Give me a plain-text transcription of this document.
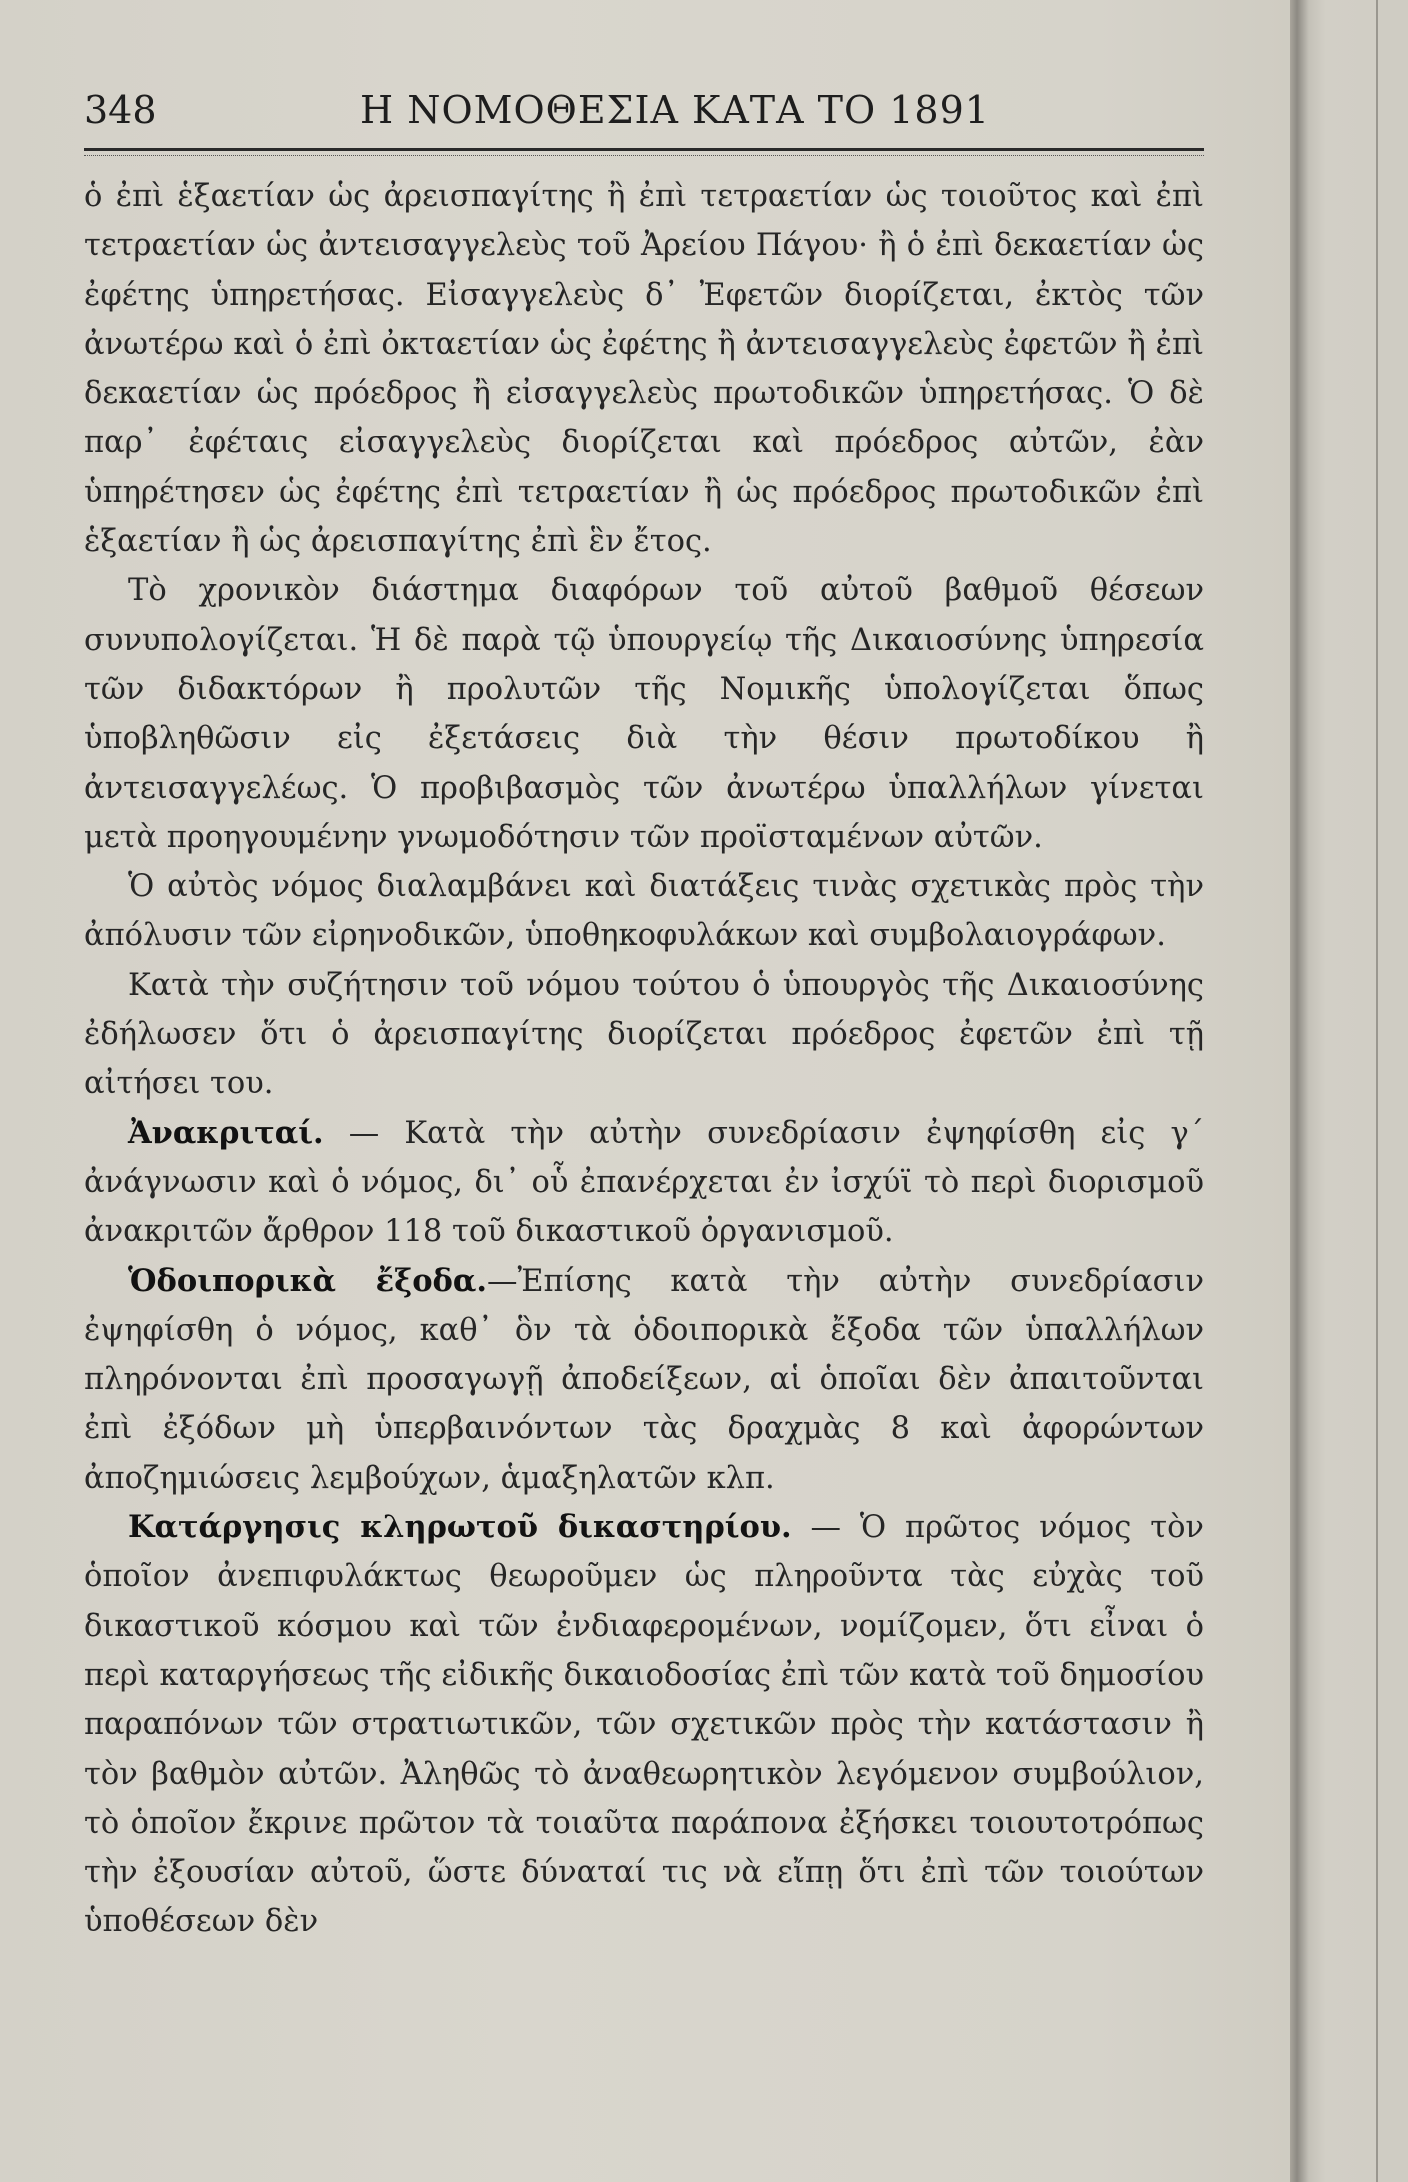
348	Η ΝΟΜΟΘΕΣΙΑ ΚΑΤΑ ΤΟ 1891

ὁ ἐπὶ ἑξαετίαν ὡς ἀρεισπαγίτης ἢ ἐπὶ τετραετίαν ὡς τοιοῦτος καὶ ἐπὶ τετραετίαν ὡς ἀντεισαγγελεὺς τοῦ Ἀρείου Πάγου· ἢ ὁ ἐπὶ δεκαετίαν ὡς ἐφέτης ὑπηρετήσας. Εἰσαγγελεὺς δ᾽ Ἐφετῶν διορίζεται, ἐκτὸς τῶν ἀνωτέρω καὶ ὁ ἐπὶ ὀκταετίαν ὡς ἐφέτης ἢ ἀντεισαγγελεὺς ἐφετῶν ἢ ἐπὶ δεκαετίαν ὡς πρόεδρος ἢ εἰσαγγελεὺς πρωτοδικῶν ὑπηρετήσας. Ὁ δὲ παρ᾽ ἐφέταις εἰσαγγελεὺς διορίζεται καὶ πρόεδρος αὐτῶν, ἐὰν ὑπηρέτησεν ὡς ἐφέτης ἐπὶ τετραετίαν ἢ ὡς πρόεδρος πρωτοδικῶν ἐπὶ ἑξαετίαν ἢ ὡς ἀρεισπαγίτης ἐπὶ ἓν ἔτος.

Τὸ χρονικὸν διάστημα διαφόρων τοῦ αὐτοῦ βαθμοῦ θέσεων συνυπολογίζεται. Ἡ δὲ παρὰ τῷ ὑπουργείῳ τῆς Δικαιοσύνης ὑπηρεσία τῶν διδακτόρων ἢ προλυτῶν τῆς Νομικῆς ὑπολογίζεται ὅπως ὑποβληθῶσιν εἰς ἐξετάσεις διὰ τὴν θέσιν πρωτοδίκου ἢ ἀντεισαγγελέως. Ὁ προβιβασμὸς τῶν ἀνωτέρω ὑπαλλήλων γίνεται μετὰ προηγουμένην γνωμοδότησιν τῶν προϊσταμένων αὐτῶν.

Ὁ αὐτὸς νόμος διαλαμβάνει καὶ διατάξεις τινὰς σχετικὰς πρὸς τὴν ἀπόλυσιν τῶν εἰρηνοδικῶν, ὑποθηκοφυλάκων καὶ συμβολαιογράφων.

Κατὰ τὴν συζήτησιν τοῦ νόμου τούτου ὁ ὑπουργὸς τῆς Δικαιοσύνης ἐδήλωσεν ὅτι ὁ ἀρεισπαγίτης διορίζεται πρόεδρος ἐφετῶν ἐπὶ τῇ αἰτήσει του.

Ἀνακριταί. — Κατὰ τὴν αὐτὴν συνεδρίασιν ἐψηφίσθη εἰς γ´ ἀνάγνωσιν καὶ ὁ νόμος, δι᾽ οὗ ἐπανέρχεται ἐν ἰσχύϊ τὸ περὶ διορισμοῦ ἀνακριτῶν ἄρθρον 118 τοῦ δικαστικοῦ ὀργανισμοῦ.

Ὁδοιπορικὰ ἔξοδα.—Ἐπίσης κατὰ τὴν αὐτὴν συνεδρίασιν ἐψηφίσθη ὁ νόμος, καθ᾽ ὃν τὰ ὁδοιπορικὰ ἔξοδα τῶν ὑπαλλήλων πληρόνονται ἐπὶ προσαγωγῇ ἀποδείξεων, αἱ ὁποῖαι δὲν ἀπαιτοῦνται ἐπὶ ἐξόδων μὴ ὑπερβαινόντων τὰς δραχμὰς 8 καὶ ἀφορώντων ἀποζημιώσεις λεμβούχων, ἁμαξηλατῶν κλπ.

Κατάργησις κληρωτοῦ δικαστηρίου. — Ὁ πρῶτος νόμος τὸν ὁποῖον ἀνεπιφυλάκτως θεωροῦμεν ὡς πληροῦντα τὰς εὐχὰς τοῦ δικαστικοῦ κόσμου καὶ τῶν ἐνδιαφερομένων, νομίζομεν, ὅτι εἶναι ὁ περὶ καταργήσεως τῆς εἰδικῆς δικαιοδοσίας ἐπὶ τῶν κατὰ τοῦ δημοσίου παραπόνων τῶν στρατιωτικῶν, τῶν σχετικῶν πρὸς τὴν κατάστασιν ἢ τὸν βαθμὸν αὐτῶν. Ἀληθῶς τὸ ἀναθεωρητικὸν λεγόμενον συμβούλιον, τὸ ὁποῖον ἔκρινε πρῶτον τὰ τοιαῦτα παράπονα ἐξήσκει τοιουτοτρόπως τὴν ἐξουσίαν αὐτοῦ, ὥστε δύναταί τις νὰ εἴπῃ ὅτι ἐπὶ τῶν τοιούτων ὑποθέσεων δὲν
